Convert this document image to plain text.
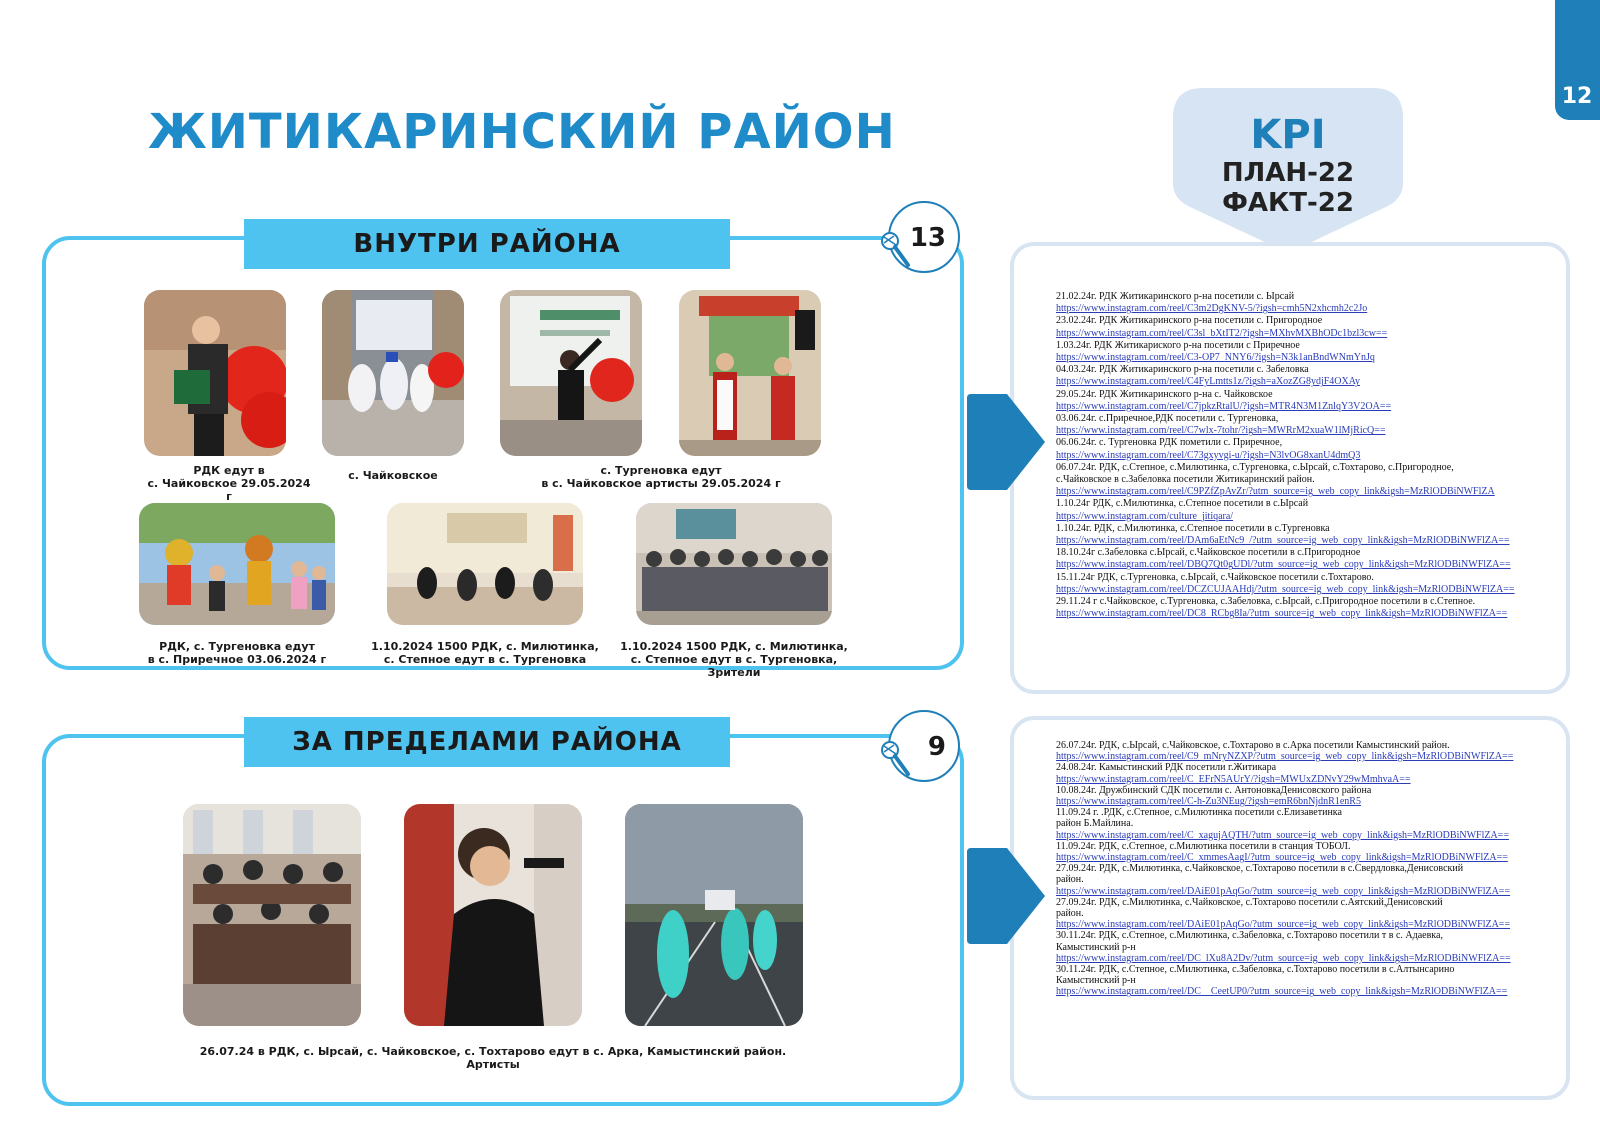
12
ЖИТИКАРИНСКИЙ РАЙОН	KPI
ПЛАН-22
ФАКТ-22
ВНУТРИ РАЙОНА	13
РДК едут в
с. Чайковское 29.05.2024 г
с. Чайковское	с. Тургеновка едут
в с. Чайковское артисты 29.05.2024 г
РДК, с. Тургеновка едут
в с. Приречное 03.06.2024 г
1.10.2024 1500 РДК, с. Милютинка,
с. Степное едут в с. Тургеновка
1.10.2024 1500 РДК, с. Милютинка,
с. Степное едут в с. Тургеновка, Зрители
21.02.24г. РДК Житикаринского р-на посетили с. Ырсай
https://www.instagram.com/reel/C3m2DgKNV-5/?igsh=cmh5N2xhcmh2c2Jo
23.02.24г. РДК Житикаринского р-на посетили с. Пригородное
https://www.instagram.com/reel/C3sl_bXtIT2/?igsh=MXhvMXBhODc1bzl3cw==
1.03.24г. РДК Житикариского р-на посетили с Приречное
https://www.instagram.com/reel/C3-OP7_NNY6/?igsh=N3k1anBndWNmYnJq
04.03.24г. РДК Житикаринского р-на посетили с. Забеловка
https://www.instagram.com/reel/C4FyLmtts1z/?igsh=aXozZG8ydjF4OXAy
29.05.24г. РДК Житикаринского р-на с. Чайковское
https://www.instagram.com/reel/C7jpkzRtalU/?igsh=MTR4N3M1ZnlqY3V2OA==
03.06.24г. с.Приречное,РДК посетили с. Тургеновка,
https://www.instagram.com/reel/C7wlx-7tohr/?igsh=MWRrM2xuaW1lMjRicQ==
06.06.24г. с. Тургеновка РДК пометили с. Приречное,
https://www.instagram.com/reel/C73gxyvgi-u/?igsh=N3lvOG8xanU4dmQ3
06.07.24г. РДК, с.Степное, с.Милютинка, с.Тургеновка, с.Ырсай, с.Тохтарово, с.Пригородное,
с.Чайковское в с.Забеловка посетили Житикаринский район.
https://www.instagram.com/reel/C9PZfZpAvZr/?utm_source=ig_web_copy_link&igsh=MzRlODBiNWFlZA
1.10.24г РДК, с.Милютинка, с.Степное посетили в с.Ырсай
https://www.instagram.com/culture_jitiqara/
1.10.24г. РДК, с.Милютинка, с.Степное посетили в с.Тургеновка
https://www.instagram.com/reel/DAm6aEtNc9_/?utm_source=ig_web_copy_link&igsh=MzRlODBiNWFlZA==
18.10.24г с.Забеловка с.Ырсай, с.Чайковское посетили в с.Пригородное
https://www.instagram.com/reel/DBQ7Qt0gUDl/?utm_source=ig_web_copy_link&igsh=MzRlODBiNWFlZA==
15.11.24г РДК, с.Тургеновка, с.Ырсай, с.Чайковское посетили с.Тохтарово.
https://www.instagram.com/reel/DCZCUJAAHdj/?utm_source=ig_web_copy_link&igsh=MzRlODBiNWFlZA==
29.11.24 г с.Чайковское, с.Тургеновка, с.Забеловка, с.Ырсай, с.Пригородное посетили в с.Степное.
https://www.instagram.com/reel/DC8_RCbg8Ia/?utm_source=ig_web_copy_link&igsh=MzRlODBiNWFlZA==
ЗА ПРЕДЕЛАМИ РАЙОНА	9
26.07.24 в РДК, с. Ырсай, с. Чайковское, с. Тохтарово едут в с. Арка, Камыстинский район. Артисты
26.07.24г. РДК, с.Ырсай, с.Чайковское, с.Тохтарово в с.Арка посетили Камыстинский район.
https://www.instagram.com/reel/C9_mNryNZXP/?utm_source=ig_web_copy_link&igsh=MzRlODBiNWFlZA==
24.08.24г. Камыстинский РДК посетили г.Житикара
https://www.instagram.com/reel/C_EFrN5AUrY/?igsh=MWUxZDNvY29wMmhvaA==
10.08.24г. Дружбинский СДК посетили с. АнтоновкаДенисовского района
https://www.instagram.com/reel/C-h-Zu3NEug/?igsh=emR6bnNjdnR1enR5
11.09.24 г. .РДК, с.Степное, с.Милютинка посетили с.Елизаветинка
район Б.Майлина.
https://www.instagram.com/reel/C_xagujAQTH/?utm_source=ig_web_copy_link&igsh=MzRlODBiNWFlZA==
11.09.24г. РДК, с.Степное, с.Милютинка посетили в станция ТОБОЛ.
https://www.instagram.com/reel/C_xmmesAagI/?utm_source=ig_web_copy_link&igsh=MzRlODBiNWFlZA==
27.09.24г. РДК, с.Милютинка, с.Чайковское, с.Тохтарово посетили в с.Свердловка,Денисовский
район.
https://www.instagram.com/reel/DAiE01pAqGo/?utm_source=ig_web_copy_link&igsh=MzRlODBiNWFlZA==
27.09.24г. РДК, с.Милютинка, с.Чайковское, с.Тохтарово посетили с.Аятский,Денисовский
район.
https://www.instagram.com/reel/DAiE01pAqGo/?utm_source=ig_web_copy_link&igsh=MzRlODBiNWFlZA==
30.11.24г. РДК, с.Степное, с.Милютинка, с.Забеловка, с.Тохтарово посетили т в с. Адаевка,
Камыстинский р-н
https://www.instagram.com/reel/DC_lXu8A2Dv/?utm_source=ig_web_copy_link&igsh=MzRlODBiNWFlZA==
30.11.24г. РДК, с.Степное, с.Милютинка, с.Забеловка, с.Тохтарово посетили в с.Алтынсарино
Камыстинский р-н
https://www.instagram.com/reel/DC__CeetUP0/?utm_source=ig_web_copy_link&igsh=MzRlODBiNWFlZA==
